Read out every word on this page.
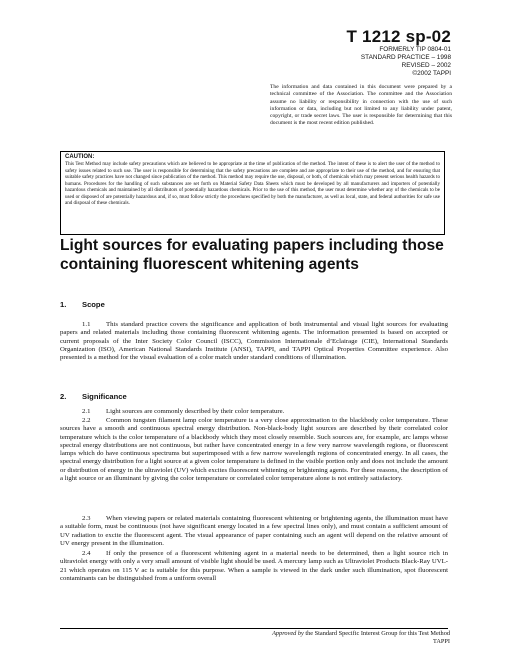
T 1212 sp-02
FORMERLY TIP 0804-01
STANDARD PRACTICE – 1998
REVISED – 2002
©2002 TAPPI
The information and data contained in this document were prepared by a technical committee of the Association. The committee and the Association assume no liability or responsibility in connection with the use of such information or data, including but not limited to any liability under patent, copyright, or trade secret laws. The user is responsible for determining that this document is the most recent edition published.
CAUTION:
This Test Method may include safety precautions which are believed to be appropriate at the time of publication of the method. The intent of these is to alert the user of the method to safety issues related to such use. The user is responsible for determining that the safety precautions are complete and are appropriate to their use of the method, and for ensuring that suitable safety practices have not changed since publication of the method. This method may require the use, disposal, or both, of chemicals which may present serious health hazards to humans. Procedures for the handling of such substances are set forth on Material Safety Data Sheets which must be developed by all manufacturers and importers of potentially hazardous chemicals and maintained by all distributors of potentially hazardous chemicals. Prior to the use of this method, the user must determine whether any of the chemicals to be used or disposed of are potentially hazardous and, if so, must follow strictly the procedures specified by both the manufacturer, as well as local, state, and federal authorities for safe use and disposal of these chemicals.
Light sources for evaluating papers including those containing fluorescent whitening agents
1. Scope

1.1 This standard practice covers the significance and application of both instrumental and visual light sources for evaluating papers and related materials including those containing fluorescent whitening agents. The information presented is based on accepted or current proposals of the Inter Society Color Council (ISCC), Commission Internationale d’Eclairage (CIE), International Standards Organization (ISO), American National Standards Institute (ANSI), TAPPI, and TAPPI Optical Properties Committee experience. Also presented is a method for the visual evaluation of a color match under standard conditions of illumination.

2. Significance

2.1 Light sources are commonly described by their color temperature.

2.2 Common tungsten filament lamp color temperature is a very close approximation to the blackbody color temperature. These sources have a smooth and continuous spectral energy distribution. Non-black-body light sources are described by their correlated color temperature which is the color temperature of a blackbody which they most closely resemble. Such sources are, for example, arc lamps whose spectral energy distributions are not continuous, but rather have concentrated energy in a few very narrow wavelength regions, or fluorescent lamps which do have continuous spectrums but superimposed with a few narrow wavelength regions of concentrated energy. In all cases, the spectral energy distribution for a light source at a given color temperature is defined in the visible portion only and does not include the amount or distribution of energy in the ultraviolet (UV) which excites fluorescent whitening or brightening agents. For these reasons, the description of a light source or an illuminant by giving the color temperature or correlated color temperature alone is not entirely satisfactory.

2.3 When viewing papers or related materials containing fluorescent whitening or brightening agents, the illumination must have a suitable form, must be continuous (not have significant energy located in a few spectral lines only), and must contain a sufficient amount of UV radiation to excite the fluorescent agent. The visual appearance of paper containing such an agent will depend on the relative amount of UV energy present in the illumination.

2.4 If only the presence of a fluorescent whitening agent in a material needs to be determined, then a light source rich in ultraviolet energy with only a very small amount of visible light should be used. A mercury lamp such as Ultraviolet Products Black-Ray UVL-21 which operates on 115 V ac is suitable for this purpose. When a sample is viewed in the dark under such illumination, spot fluorescent contaminants can be distinguished from a uniform overall

Approved by the Standard Specific Interest Group for this Test Method
TAPPI
